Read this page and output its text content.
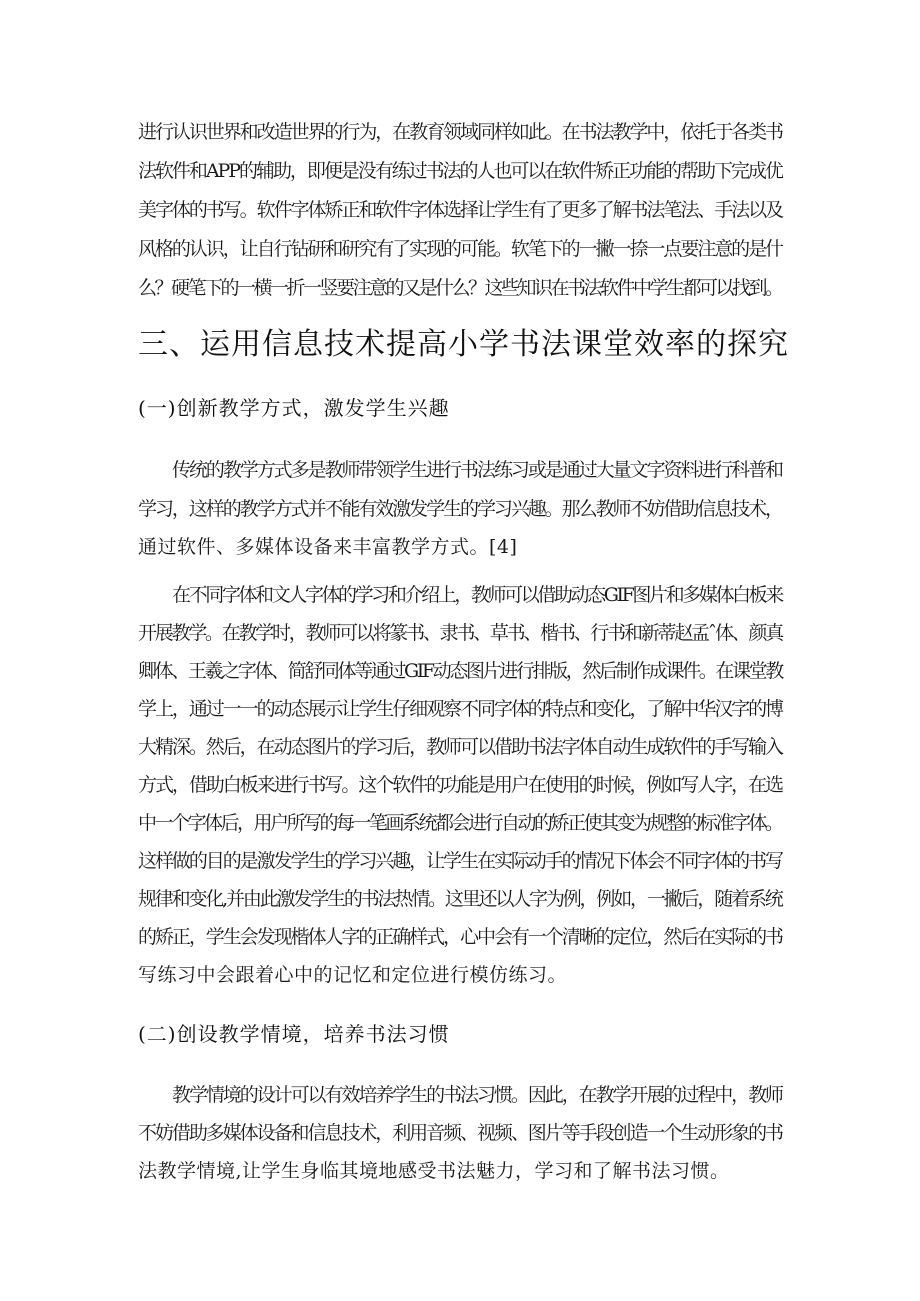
进行认识世界和改造世界的行为，在教育领域同样如此。在书法教学中，依托于各类书
法软件和APP的辅助，即便是没有练过书法的人也可以在软件矫正功能的帮助下完成优
美字体的书写。软件字体矫正和软件字体选择让学生有了更多了解书法笔法、手法以及
风格的认识，让自行钻研和研究有了实现的可能。软笔下的一撇一捺一点要注意的是什
么？硬笔下的一横一折一竖要注意的又是什么？这些知识在书法软件中学生都可以找到。
三、运用信息技术提高小学书法课堂效率的探究
(一)创新教学方式，激发学生兴趣
传统的教学方式多是教师带领学生进行书法练习或是通过大量文字资料进行科普和
学习，这样的教学方式并不能有效激发学生的学习兴趣。那么教师不妨借助信息技术，
通过软件、多媒体设备来丰富教学方式。[4]
在不同字体和文人字体的学习和介绍上，教师可以借助动态GIF图片和多媒体白板来
开展教学。在教学时，教师可以将篆书、隶书、草书、楷书、行书和新蒂赵孟ˆ体、颜真
卿体、王羲之字体、简舒同体等通过GIF动态图片进行排版，然后制作成课件。在课堂教
学上，通过一一的动态展示让学生仔细观察不同字体的特点和变化，了解中华汉字的博
大精深。然后，在动态图片的学习后，教师可以借助书法字体自动生成软件的手写输入
方式，借助白板来进行书写。这个软件的功能是用户在使用的时候，例如写人字，在选
中一个字体后，用户所写的每一笔画系统都会进行自动的矫正使其变为规整的标准字体。
这样做的目的是激发学生的学习兴趣，让学生在实际动手的情况下体会不同字体的书写
规律和变化,并由此激发学生的书法热情。这里还以人字为例，例如，一撇后，随着系统
的矫正，学生会发现楷体人字的正确样式，心中会有一个清晰的定位，然后在实际的书
写练习中会跟着心中的记忆和定位进行模仿练习。
(二)创设教学情境，培养书法习惯
教学情境的设计可以有效培养学生的书法习惯。因此，在教学开展的过程中，教师
不妨借助多媒体设备和信息技术，利用音频、视频、图片等手段创造一个生动形象的书
法教学情境,让学生身临其境地感受书法魅力，学习和了解书法习惯。
